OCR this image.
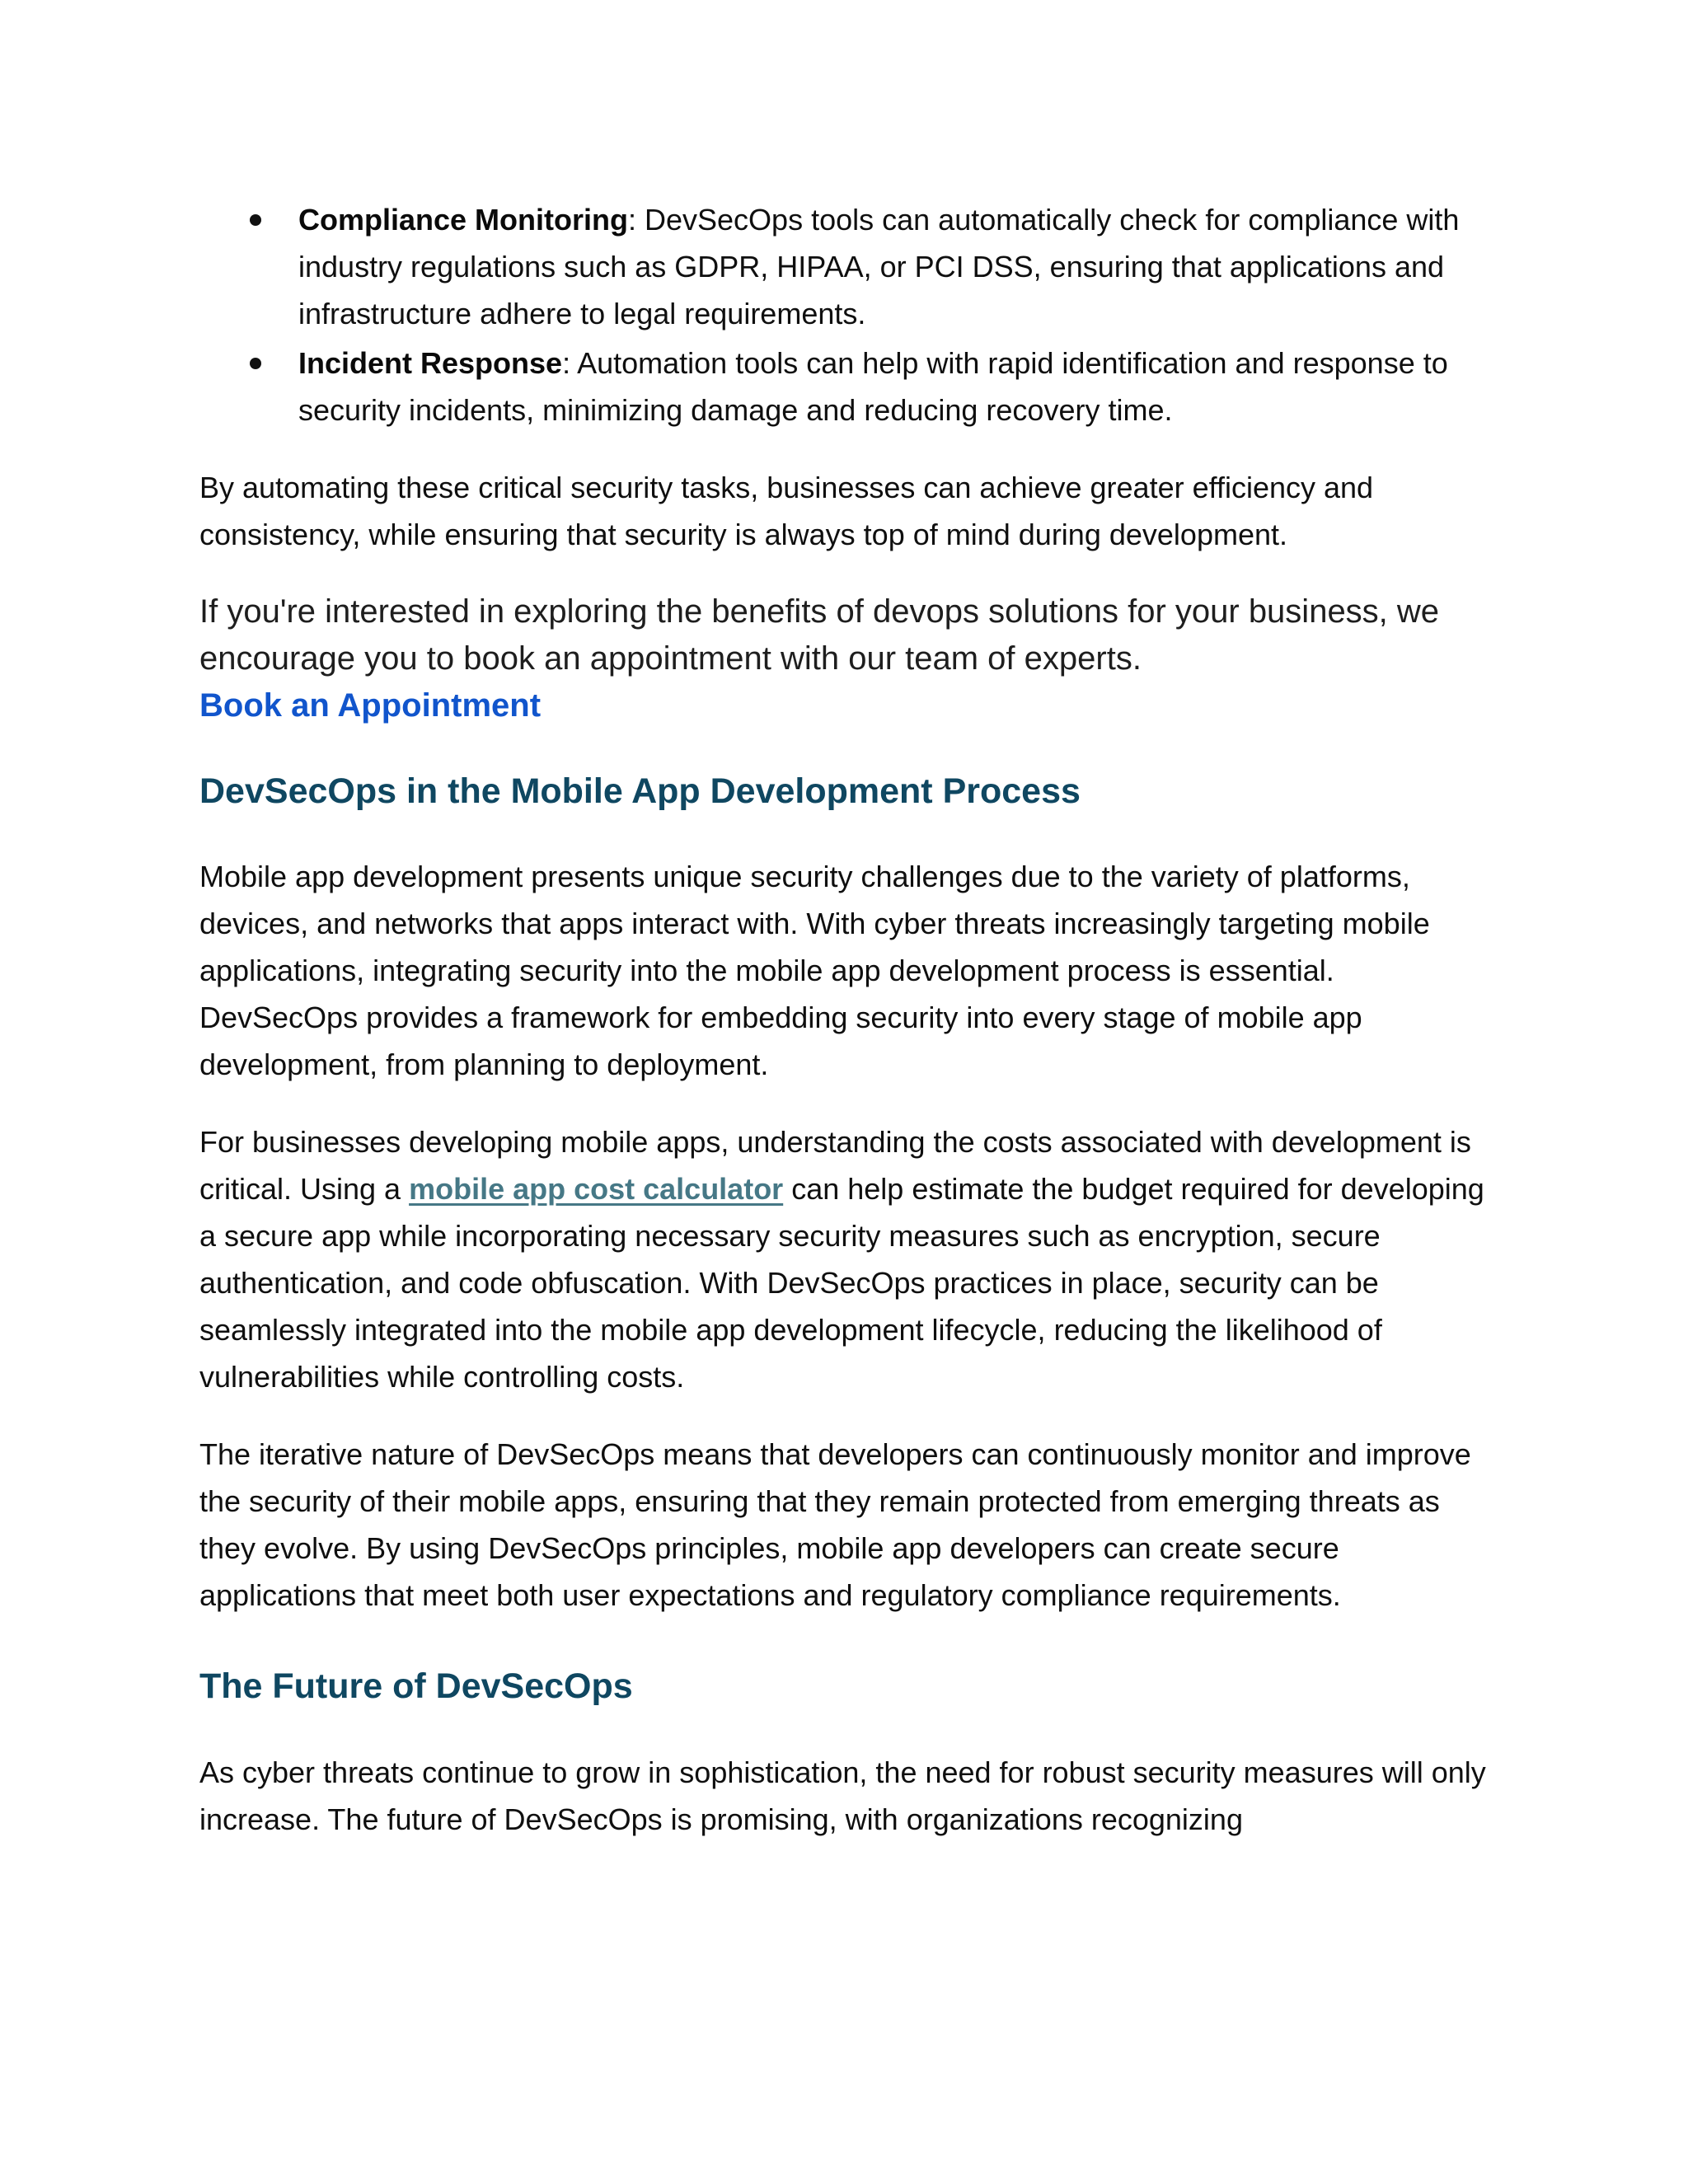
Compliance Monitoring: DevSecOps tools can automatically check for compliance with industry regulations such as GDPR, HIPAA, or PCI DSS, ensuring that applications and infrastructure adhere to legal requirements.
Incident Response: Automation tools can help with rapid identification and response to security incidents, minimizing damage and reducing recovery time.

By automating these critical security tasks, businesses can achieve greater efficiency and consistency, while ensuring that security is always top of mind during development.

If you're interested in exploring the benefits of devops solutions for your business, we encourage you to book an appointment with our team of experts.

Book an Appointment
DevSecOps in the Mobile App Development Process

Mobile app development presents unique security challenges due to the variety of platforms, devices, and networks that apps interact with. With cyber threats increasingly targeting mobile applications, integrating security into the mobile app development process is essential. DevSecOps provides a framework for embedding security into every stage of mobile app development, from planning to deployment.

For businesses developing mobile apps, understanding the costs associated with development is critical. Using a mobile app cost calculator can help estimate the budget required for developing a secure app while incorporating necessary security measures such as encryption, secure authentication, and code obfuscation. With DevSecOps practices in place, security can be seamlessly integrated into the mobile app development lifecycle, reducing the likelihood of vulnerabilities while controlling costs.

The iterative nature of DevSecOps means that developers can continuously monitor and improve the security of their mobile apps, ensuring that they remain protected from emerging threats as they evolve. By using DevSecOps principles, mobile app developers can create secure applications that meet both user expectations and regulatory compliance requirements.

The Future of DevSecOps

As cyber threats continue to grow in sophistication, the need for robust security measures will only increase. The future of DevSecOps is promising, with organizations recognizing
